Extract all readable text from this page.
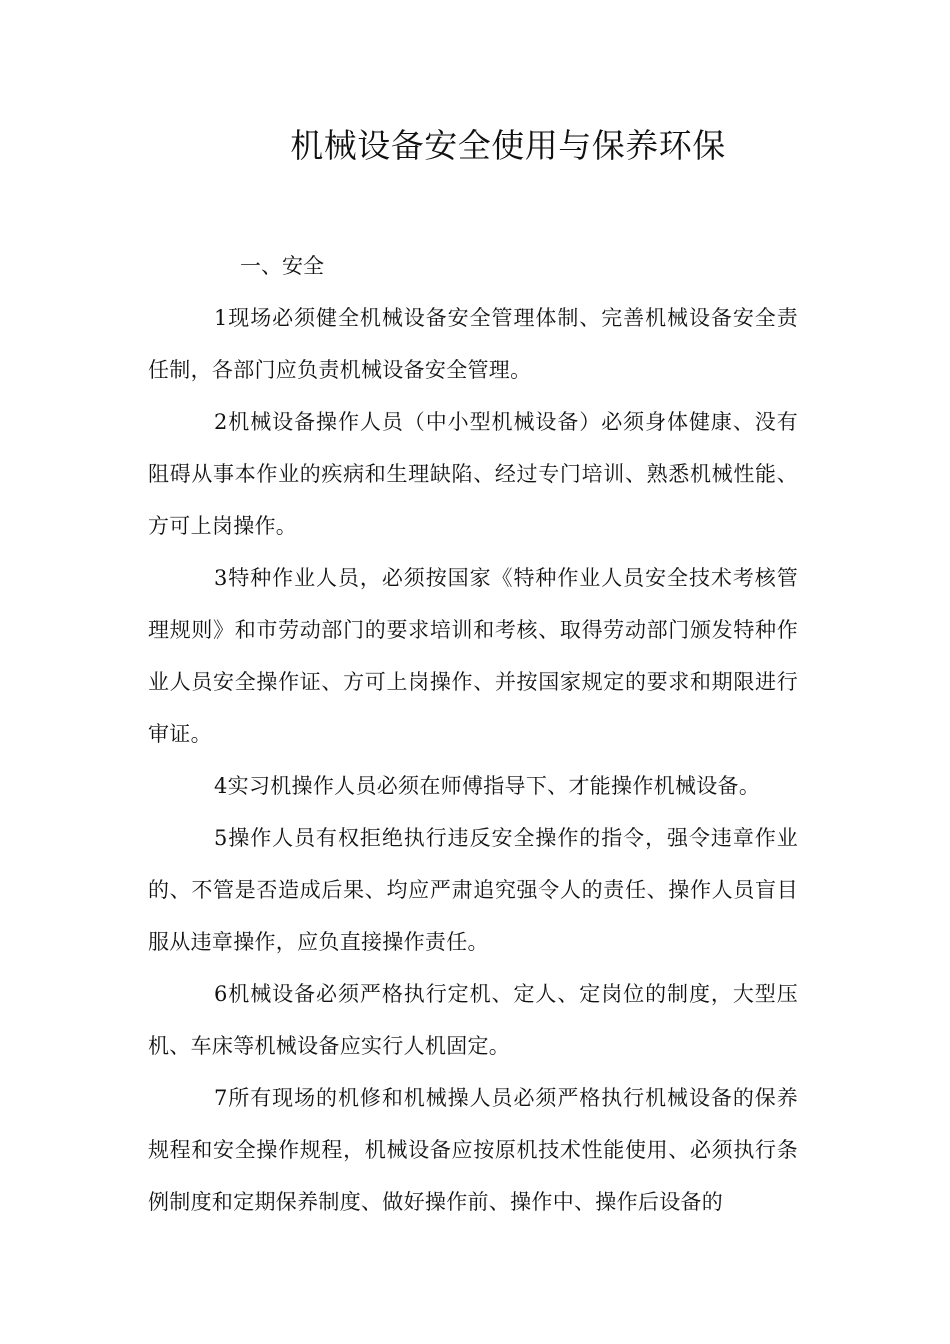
机械设备安全使用与保养环保
一、安全

1现场必须健全机械设备安全管理体制、完善机械设备安全责任制，各部门应负责机械设备安全管理。

2机械设备操作人员（中小型机械设备）必须身体健康、没有阻碍从事本作业的疾病和生理缺陷、经过专门培训、熟悉机械性能、方可上岗操作。

3特种作业人员，必须按国家《特种作业人员安全技术考核管理规则》和市劳动部门的要求培训和考核、取得劳动部门颁发特种作业人员安全操作证、方可上岗操作、并按国家规定的要求和期限进行审证。

4实习机操作人员必须在师傅指导下、才能操作机械设备。

5操作人员有权拒绝执行违反安全操作的指令，强令违章作业的、不管是否造成后果、均应严肃追究强令人的责任、操作人员盲目服从违章操作，应负直接操作责任。

6机械设备必须严格执行定机、定人、定岗位的制度，大型压机、车床等机械设备应实行人机固定。

7所有现场的机修和机械操人员必须严格执行机械设备的保养规程和安全操作规程，机械设备应按原机技术性能使用、必须执行条例制度和定期保养制度、做好操作前、操作中、操作后设备的
